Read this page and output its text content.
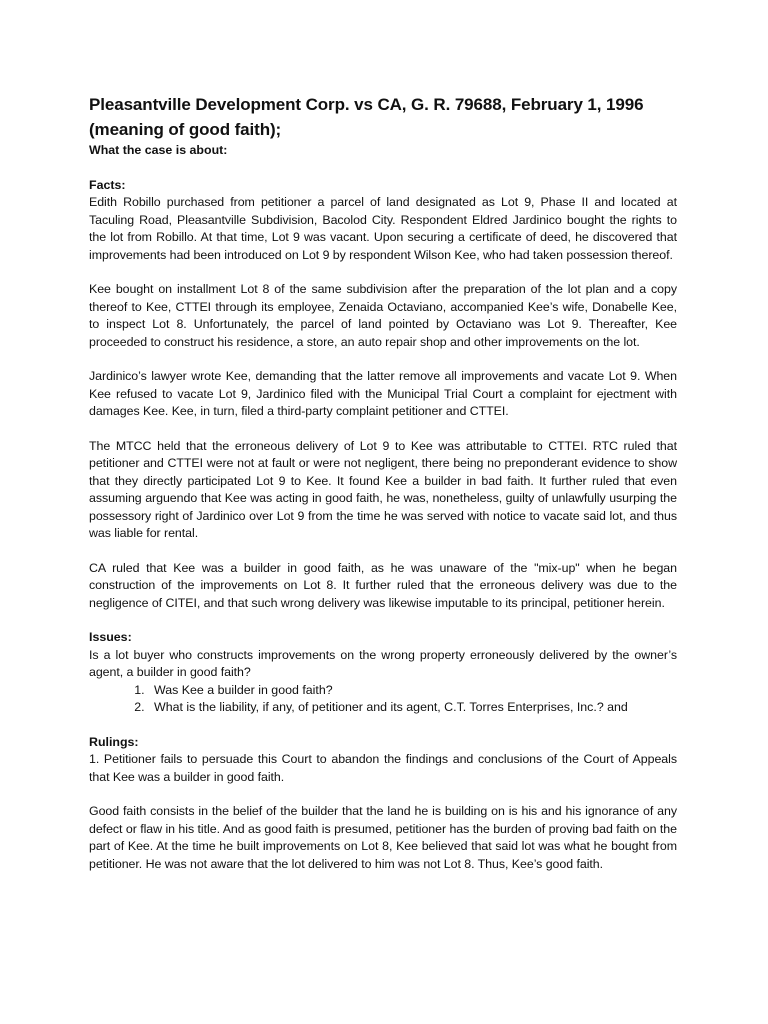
Pleasantville Development Corp. vs CA, G. R. 79688, February 1, 1996 (meaning of good faith);
What the case is about:
Facts:

Edith Robillo purchased from petitioner a parcel of land designated as Lot 9, Phase II and located at Taculing Road, Pleasantville Subdivision, Bacolod City. Respondent Eldred Jardinico bought the rights to the lot from Robillo. At that time, Lot 9 was vacant. Upon securing a certificate of deed, he discovered that improvements had been introduced on Lot 9 by respondent Wilson Kee, who had taken possession thereof.

Kee bought on installment Lot 8 of the same subdivision after the preparation of the lot plan and a copy thereof to Kee, CTTEI through its employee, Zenaida Octaviano, accompanied Kee’s wife, Donabelle Kee, to inspect Lot 8. Unfortunately, the parcel of land pointed by Octaviano was Lot 9. Thereafter, Kee proceeded to construct his residence, a store, an auto repair shop and other improvements on the lot.

Jardinico’s lawyer wrote Kee, demanding that the latter remove all improvements and vacate Lot 9. When Kee refused to vacate Lot 9, Jardinico filed with the Municipal Trial Court a complaint for ejectment with damages Kee. Kee, in turn, filed a third-party complaint petitioner and CTTEI.

The MTCC held that the erroneous delivery of Lot 9 to Kee was attributable to CTTEI. RTC ruled that petitioner and CTTEI were not at fault or were not negligent, there being no preponderant evidence to show that they directly participated Lot 9 to Kee. It found Kee a builder in bad faith. It further ruled that even assuming arguendo that Kee was acting in good faith, he was, nonetheless, guilty of unlawfully usurping the possessory right of Jardinico over Lot 9 from the time he was served with notice to vacate said lot, and thus was liable for rental.

CA ruled that Kee was a builder in good faith, as he was unaware of the "mix-up" when he began construction of the improvements on Lot 8. It further ruled that the erroneous delivery was due to the negligence of CITEI, and that such wrong delivery was likewise imputable to its principal, petitioner herein.

Issues:

Is a lot buyer who constructs improvements on the wrong property erroneously delivered by the owner’s agent, a builder in good faith?

1. Was Kee a builder in good faith?
2. What is the liability, if any, of petitioner and its agent, C.T. Torres Enterprises, Inc.? and
Rulings:

1. Petitioner fails to persuade this Court to abandon the findings and conclusions of the Court of Appeals that Kee was a builder in good faith.

Good faith consists in the belief of the builder that the land he is building on is his and his ignorance of any defect or flaw in his title. And as good faith is presumed, petitioner has the burden of proving bad faith on the part of Kee. At the time he built improvements on Lot 8, Kee believed that said lot was what he bought from petitioner. He was not aware that the lot delivered to him was not Lot 8. Thus, Kee’s good faith.
